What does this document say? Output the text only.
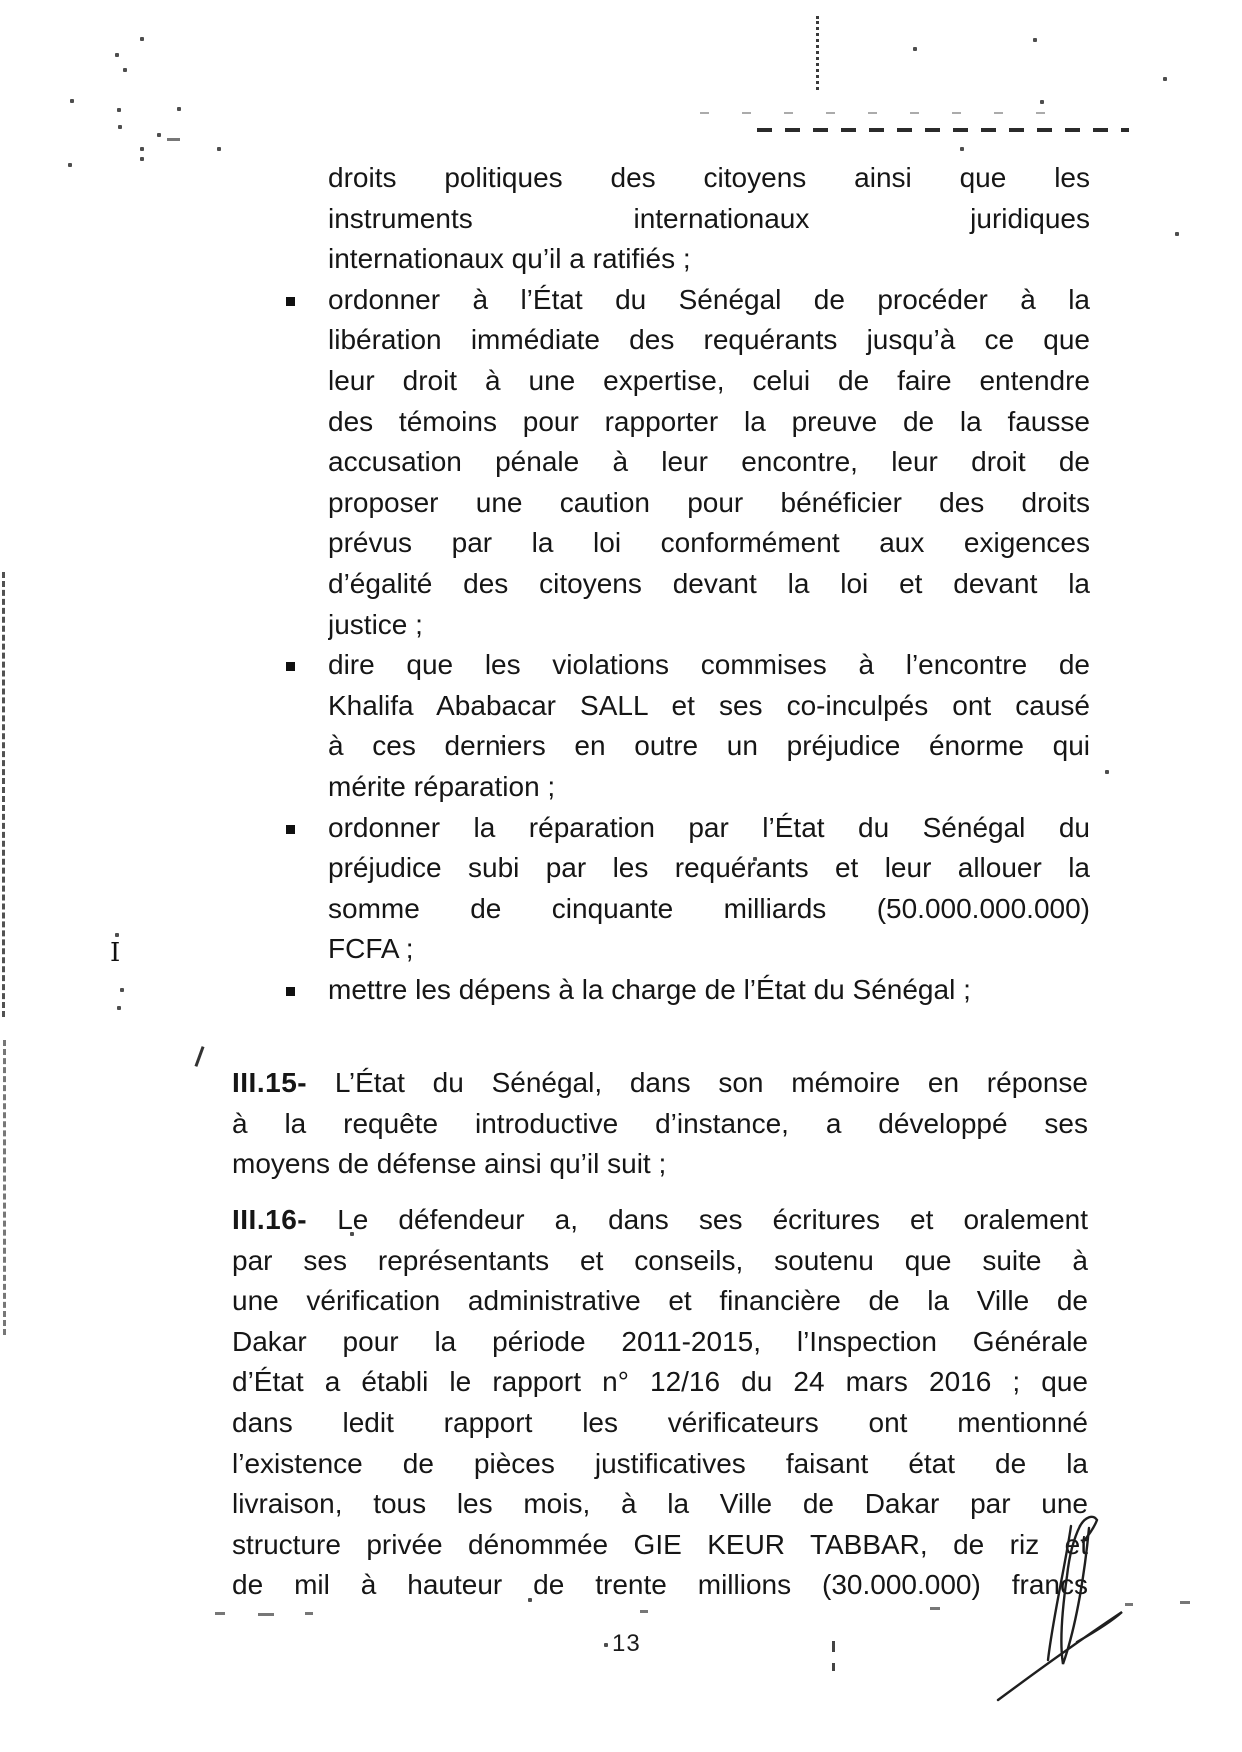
I
droits politiques des citoyens ainsi que les
instruments internationaux juridiques
internationaux qu’il a ratifiés ;
ordonner à l’État du Sénégal de procéder à la
libération immédiate des requérants jusqu’à ce que
leur droit à une expertise, celui de faire entendre
des témoins pour rapporter la preuve de la fausse
accusation pénale à leur encontre, leur droit de
proposer une caution pour bénéficier des droits
prévus par la loi conformément aux exigences
d’égalité des citoyens devant la loi et devant la
justice ;
dire que les violations commises à l’encontre de
Khalifa Ababacar SALL et ses co-inculpés ont causé
à ces derniers en outre un préjudice énorme qui
mérite réparation ;
ordonner la réparation par l’État du Sénégal du
préjudice subi par les requérants et leur allouer la
somme de cinquante milliards (50.000.000.000)
FCFA ;
mettre les dépens à la charge de l’État du Sénégal ;
III.15- L’État du Sénégal, dans son mémoire en réponse
à la requête introductive d’instance, a développé ses
moyens de défense ainsi qu’il suit ;
III.16- Le défendeur a, dans ses écritures et oralement
par ses représentants et conseils, soutenu que suite à
une vérification administrative et financière de la Ville de
Dakar pour la période 2011-2015, l’Inspection Générale
d’État a établi le rapport n° 12/16 du 24 mars 2016 ; que
dans ledit rapport les vérificateurs ont mentionné
l’existence de pièces justificatives faisant état de la
livraison, tous les mois, à la Ville de Dakar par une
structure privée dénommée GIE KEUR TABBAR, de riz et
de mil à hauteur de trente millions (30.000.000) francs
13
